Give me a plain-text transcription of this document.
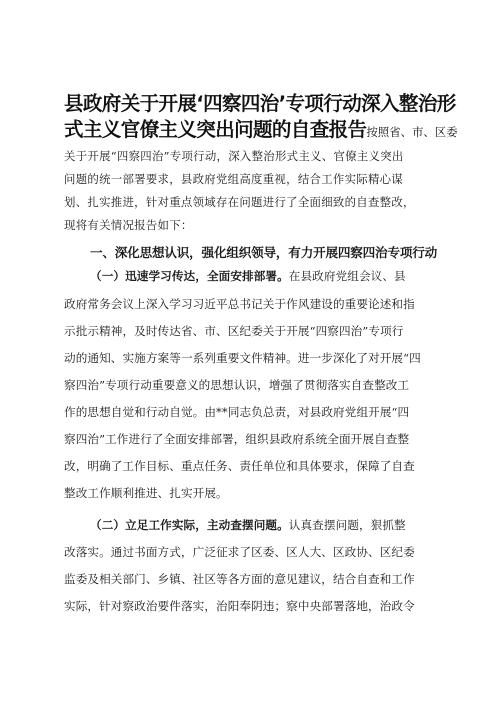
县政府关于开展‘四察四治’专项行动深入整治形
式主义官僚主义突出问题的自查报告按照省、市、区委
关于开展“四察四治”专项行动，深入整治形式主义、官僚主义突出
问题的统一部署要求，县政府党组高度重视，结合工作实际精心谋
划、扎实推进，针对重点领域存在问题进行了全面细致的自查整改，
现将有关情况报告如下：
一、深化思想认识，强化组织领导，有力开展四察四治专项行动
（一）迅速学习传达，全面安排部署。在县政府党组会议、县
政府常务会议上深入学习习近平总书记关于作风建设的重要论述和指
示批示精神，及时传达省、市、区纪委关于开展“四察四治”专项行
动的通知、实施方案等一系列重要文件精神。进一步深化了对开展“四
察四治”专项行动重要意义的思想认识，增强了贯彻落实自查整改工
作的思想自觉和行动自觉。由**同志负总责，对县政府党组开展“四
察四治”工作进行了全面安排部署，组织县政府系统全面开展自查整
改，明确了工作目标、重点任务、责任单位和具体要求，保障了自查
整改工作顺利推进、扎实开展。
（二）立足工作实际，主动查摆问题。认真查摆问题，狠抓整
改落实。通过书面方式，广泛征求了区委、区人大、区政协、区纪委
监委及相关部门、乡镇、社区等各方面的意见建议，结合自查和工作
实际，针对察政治要件落实，治阳奉阴违；察中央部署落地，治政令
